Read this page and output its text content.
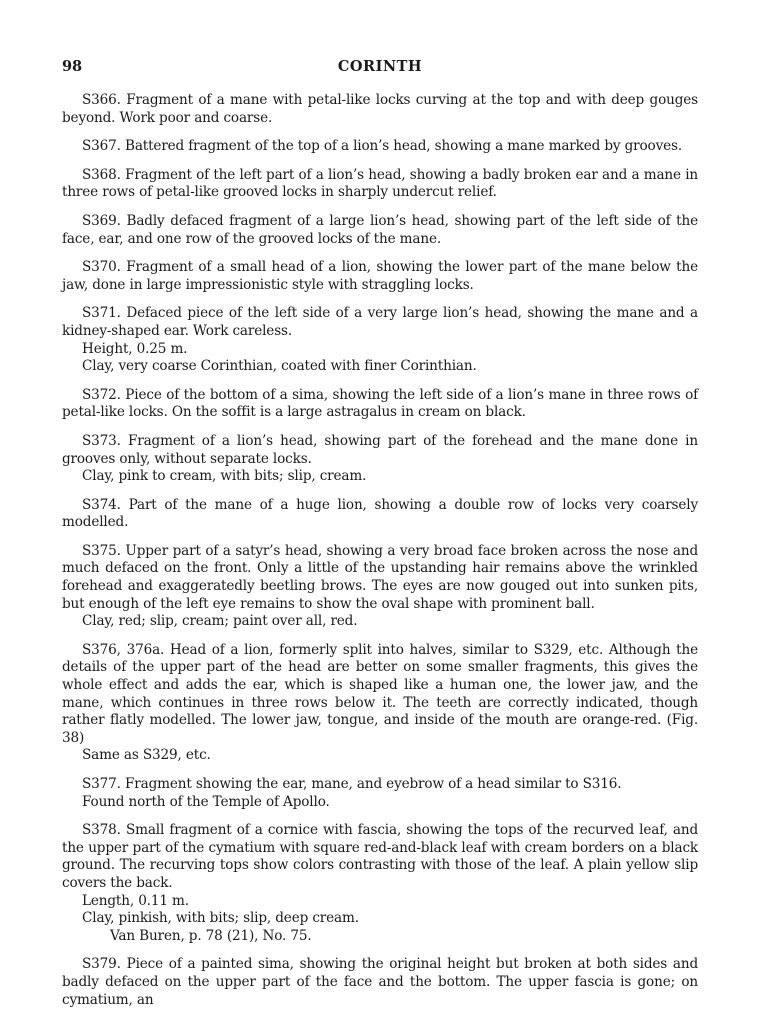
98	CORINTH

S366. Fragment of a mane with petal-like locks curving at the top and with deep gouges beyond. Work poor and coarse.

S367. Battered fragment of the top of a lion’s head, showing a mane marked by grooves.

S368. Fragment of the left part of a lion’s head, showing a badly broken ear and a mane in three rows of petal-like grooved locks in sharply undercut relief.

S369. Badly defaced fragment of a large lion’s head, showing part of the left side of the face, ear, and one row of the grooved locks of the mane.

S370. Fragment of a small head of a lion, showing the lower part of the mane below the jaw, done in large impressionistic style with straggling locks.

S371. Defaced piece of the left side of a very large lion’s head, showing the mane and a kidney-shaped ear. Work careless.

Height, 0.25 m.

Clay, very coarse Corinthian, coated with finer Corinthian.

S372. Piece of the bottom of a sima, showing the left side of a lion’s mane in three rows of petal-like locks. On the soffit is a large astragalus in cream on black.

S373. Fragment of a lion’s head, showing part of the forehead and the mane done in grooves only, without separate locks.

Clay, pink to cream, with bits; slip, cream.

S374. Part of the mane of a huge lion, showing a double row of locks very coarsely modelled.

S375. Upper part of a satyr’s head, showing a very broad face broken across the nose and much defaced on the front. Only a little of the upstanding hair remains above the wrinkled forehead and exaggeratedly beetling brows. The eyes are now gouged out into sunken pits, but enough of the left eye remains to show the oval shape with prominent ball.

Clay, red; slip, cream; paint over all, red.

S376, 376a. Head of a lion, formerly split into halves, similar to S329, etc. Although the details of the upper part of the head are better on some smaller fragments, this gives the whole effect and adds the ear, which is shaped like a human one, the lower jaw, and the mane, which continues in three rows below it. The teeth are correctly indicated, though rather flatly modelled. The lower jaw, tongue, and inside of the mouth are orange-red. (Fig. 38)

Same as S329, etc.

S377. Fragment showing the ear, mane, and eyebrow of a head similar to S316.

Found north of the Temple of Apollo.

S378. Small fragment of a cornice with fascia, showing the tops of the recurved leaf, and the upper part of the cymatium with square red-and-black leaf with cream borders on a black ground. The recurving tops show colors contrasting with those of the leaf. A plain yellow slip covers the back.

Length, 0.11 m.

Clay, pinkish, with bits; slip, deep cream.

Van Buren, p. 78 (21), No. 75.

S379. Piece of a painted sima, showing the original height but broken at both sides and badly defaced on the upper part of the face and the bottom. The upper fascia is gone; on cymatium, an
